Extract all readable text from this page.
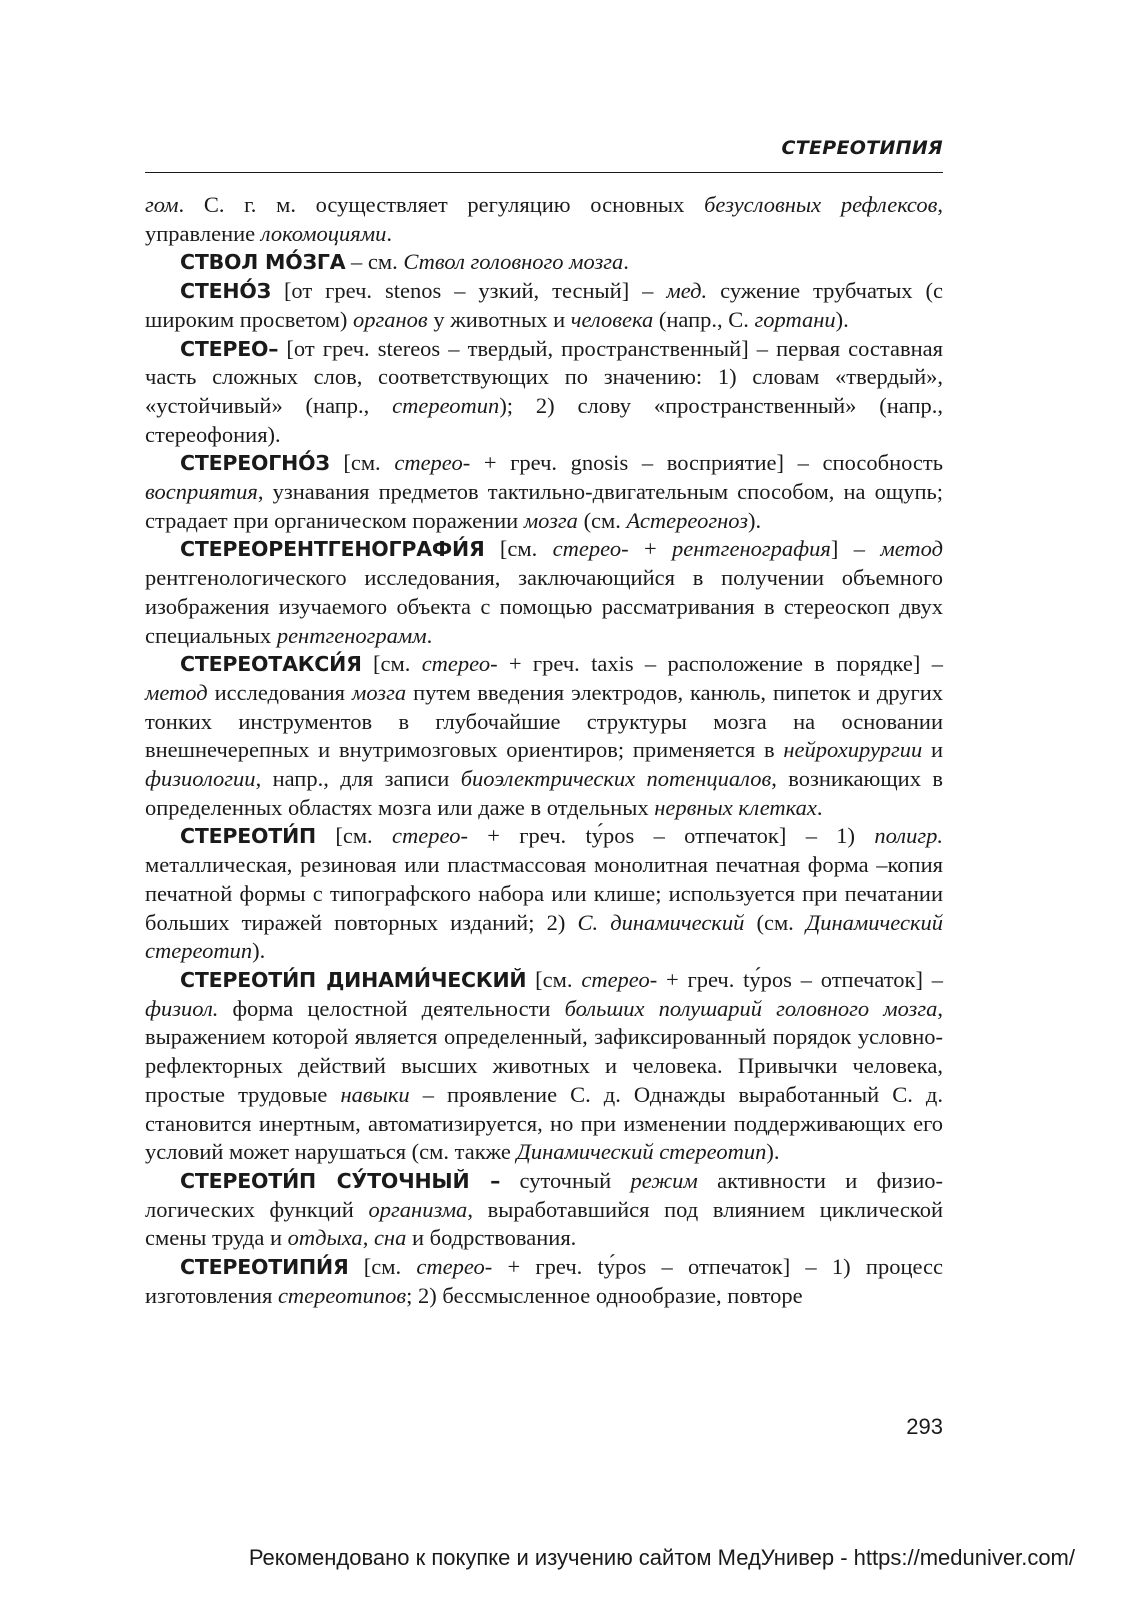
СТЕРЕОТИПИЯ

гом. С. г. м. осуществляет регуляцию основных безусловных рефлексов, управление локомоциями.

СТВОЛ МО́ЗГА – см. Ствол головного мозга.

СТЕНО́З [от греч. stenos – узкий, тесный] – мед. сужение трубчатых (с широким просветом) органов у животных и человека (напр., С. гортани).

СТЕРЕО– [от греч. stereos – твердый, пространственный] – первая составная часть сложных слов, соответствующих по значению: 1) словам «твердый», «устойчивый» (напр., стереотип); 2) слову «пространственный» (напр., стереофония).

СТЕРЕОГНО́З [см. стерео- + греч. gnosis – восприятие] – способность восприятия, узнавания предметов тактильно-двигательным способом, на ощупь; страдает при органическом поражении мозга (см. Астереогноз).

СТЕРЕОРЕНТГЕНОГРАФИ́Я [см. стерео- + рентгенография] – метод рентгенологического исследования, заключающийся в получении объемного изображения изучаемого объекта с помощью рассматривания в стереоскоп двух специальных рентгенограмм.

СТЕРЕОТАКСИ́Я [см. стерео- + греч. taxis – расположение в порядке] – метод исследования мозга путем введения электродов, канюль, пипеток и других тонких инструментов в глубочайшие структуры мозга на основании внешнечерепных и внутримозговых ориентиров; применяется в нейрохирургии и физиологии, напр., для записи биоэлектрических потенциалов, возникающих в определенных областях мозга или даже в отдельных нервных клетках.

СТЕРЕОТИ́П [см. стерео- + греч. tу́pos – отпечаток] – 1) полигр. металлическая, резиновая или пластмассовая монолитная печатная форма –копия печатной формы с типографского набора или клише; используется при печатании больших тиражей повторных изданий; 2) С. динамический (см. Динамический стереотип).

СТЕРЕОТИ́П ДИНАМИ́ЧЕСКИЙ [см. стерео- + греч. tу́pos – отпечаток] – физиол. форма целостной деятельности больших полушарий головного мозга, выражением которой является определенный, зафиксированный порядок условно-рефлекторных действий высших животных и человека. Привычки человека, простые трудовые навыки – проявление С. д. Однажды выработанный С. д. становится инертным, автоматизируется, но при изменении поддерживающих его условий может нарушаться (см. также Динамический стереотип).

СТЕРЕОТИ́П СУ́ТОЧНЫЙ – суточный режим активности и физиологических функций организма, выработавшийся под влиянием циклической смены труда и отдыха, сна и бодрствования.

СТЕРЕОТИПИ́Я [см. стерео- + греч. tу́pos – отпечаток] – 1) процесс изготовления стереотипов; 2) бессмысленное однообразие, повторе

293
Рекомендовано к покупке и изучению сайтом МедУнивер - https://meduniver.com/
